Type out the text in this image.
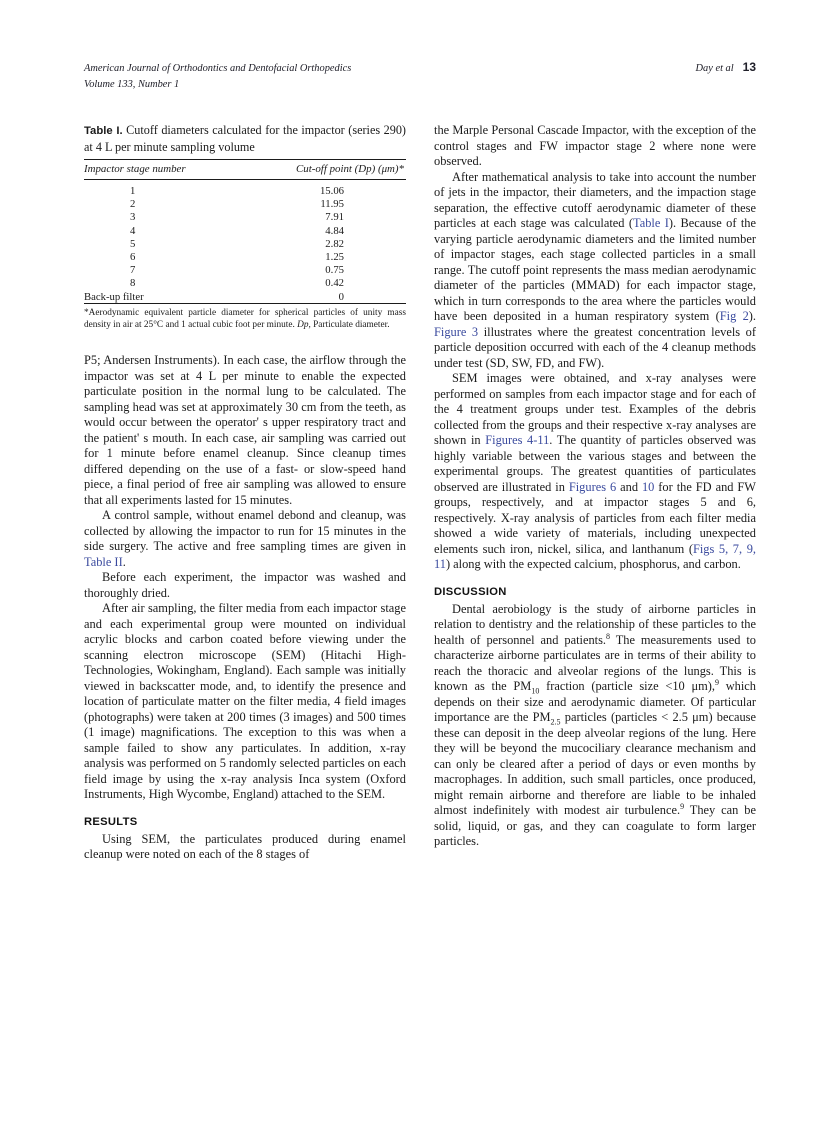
American Journal of Orthodontics and Dentofacial Orthopedics	Day et al 13
Volume 133, Number 1
Table I. Cutoff diameters calculated for the impactor (series 290) at 4 L per minute sampling volume
Impactor stage number	Cut-off point (Dp) (μm)*
1	15.06
2	11.95
3	7.91
4	4.84
5	2.82
6	1.25
7	0.75
8	0.42
Back-up filter	0
*Aerodynamic equivalent particle diameter for spherical particles of unity mass density in air at 25°C and 1 actual cubic foot per minute. Dp, Particulate diameter.

P5; Andersen Instruments). In each case, the airflow through the impactor was set at 4 L per minute to enable the expected particulate position in the normal lung to be calculated. The sampling head was set at approximately 30 cm from the teeth, as would occur between the operator' s upper respiratory tract and the patient' s mouth. In each case, air sampling was carried out for 1 minute before enamel cleanup. Since cleanup times differed depending on the use of a fast- or slow-speed hand piece, a final period of free air sampling was allowed to ensure that all experiments lasted for 15 minutes.

A control sample, without enamel debond and cleanup, was collected by allowing the impactor to run for 15 minutes in the side surgery. The active and free sampling times are given in Table II.

Before each experiment, the impactor was washed and thoroughly dried.

After air sampling, the filter media from each impactor stage and each experimental group were mounted on individual acrylic blocks and carbon coated before viewing under the scanning electron microscope (SEM) (Hitachi High-Technologies, Wokingham, England). Each sample was initially viewed in backscatter mode, and, to identify the presence and location of particulate matter on the filter media, 4 field images (photographs) were taken at 200 times (3 images) and 500 times (1 image) magnifications. The exception to this was when a sample failed to show any particulates. In addition, x-ray analysis was performed on 5 randomly selected particles on each field image by using the x-ray analysis Inca system (Oxford Instruments, High Wycombe, England) attached to the SEM.

RESULTS

Using SEM, the particulates produced during enamel cleanup were noted on each of the 8 stages of

the Marple Personal Cascade Impactor, with the exception of the control stages and FW impactor stage 2 where none were observed.

After mathematical analysis to take into account the number of jets in the impactor, their diameters, and the impaction stage separation, the effective cutoff aerodynamic diameter of these particles at each stage was calculated (Table I). Because of the varying particle aerodynamic diameters and the limited number of impactor stages, each stage collected particles in a small range. The cutoff point represents the mass median aerodynamic diameter of the particles (MMAD) for each impactor stage, which in turn corresponds to the area where the particles would have been deposited in a human respiratory system (Fig 2). Figure 3 illustrates where the greatest concentration levels of particle deposition occurred with each of the 4 cleanup methods under test (SD, SW, FD, and FW).

SEM images were obtained, and x-ray analyses were performed on samples from each impactor stage and for each of the 4 treatment groups under test. Examples of the debris collected from the groups and their respective x-ray analyses are shown in Figures 4-11. The quantity of particles observed was highly variable between the various stages and between the experimental groups. The greatest quantities of particulates observed are illustrated in Figures 6 and 10 for the FD and FW groups, respectively, and at impactor stages 5 and 6, respectively. X-ray analysis of particles from each filter media showed a wide variety of materials, including unexpected elements such iron, nickel, silica, and lanthanum (Figs 5, 7, 9, 11) along with the expected calcium, phosphorus, and carbon.

DISCUSSION

Dental aerobiology is the study of airborne particles in relation to dentistry and the relationship of these particles to the health of personnel and patients.$^8$ The measurements used to characterize airborne particulates are in terms of their ability to reach the thoracic and alveolar regions of the lungs. This is known as the $PM_{10}$ fraction (particle size <10 μm),$^9$ which depends on their size and aerodynamic diameter. Of particular importance are the $PM_{2.5}$ particles (particles < 2.5 μm) because these can deposit in the deep alveolar regions of the lung. Here they will be beyond the mucociliary clearance mechanism and can only be cleared after a period of days or even months by macrophages. In addition, such small particles, once produced, might remain airborne and therefore are liable to be inhaled almost indefinitely with modest air turbulence.$^9$ They can be solid, liquid, or gas, and they can coagulate to form larger particles.
